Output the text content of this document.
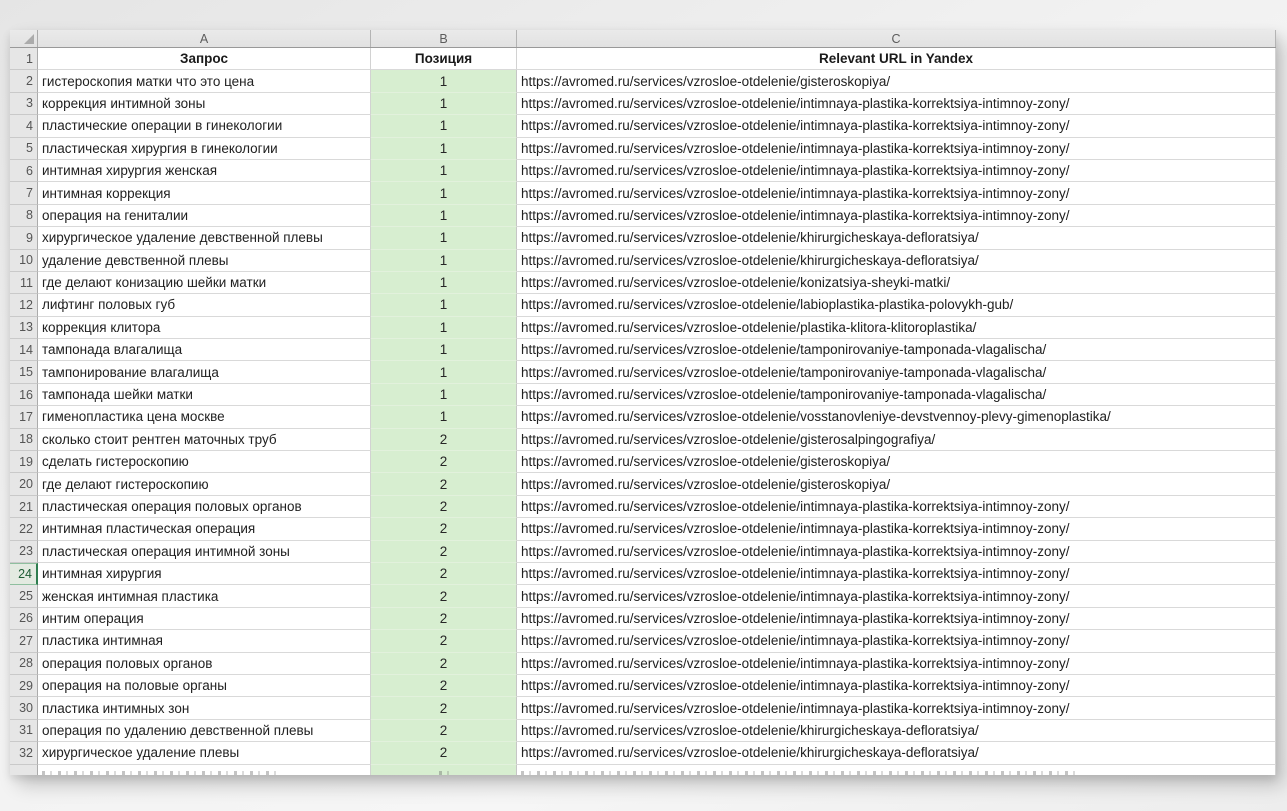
A	B	C
1	Запрос	Позиция	Relevant URL in Yandex
2 гистероскопия матки что это цена	1	https://avromed.ru/services/vzrosloe-otdelenie/gisteroskopiya/
3 коррекция интимной зоны	1	https://avromed.ru/services/vzrosloe-otdelenie/intimnaya-plastika-korrektsiya-intimnoy-zony/
4 пластические операции в гинекологии	1	https://avromed.ru/services/vzrosloe-otdelenie/intimnaya-plastika-korrektsiya-intimnoy-zony/
5 пластическая хирургия в гинекологии	1	https://avromed.ru/services/vzrosloe-otdelenie/intimnaya-plastika-korrektsiya-intimnoy-zony/
6 интимная хирургия женская	1	https://avromed.ru/services/vzrosloe-otdelenie/intimnaya-plastika-korrektsiya-intimnoy-zony/
7 интимная коррекция	1	https://avromed.ru/services/vzrosloe-otdelenie/intimnaya-plastika-korrektsiya-intimnoy-zony/
8 операция на гениталии	1	https://avromed.ru/services/vzrosloe-otdelenie/intimnaya-plastika-korrektsiya-intimnoy-zony/
9 хирургическое удаление девственной плевы	1	https://avromed.ru/services/vzrosloe-otdelenie/khirurgicheskaya-defloratsiya/
10 удаление девственной плевы	1	https://avromed.ru/services/vzrosloe-otdelenie/khirurgicheskaya-defloratsiya/
11 где делают конизацию шейки матки	1	https://avromed.ru/services/vzrosloe-otdelenie/konizatsiya-sheyki-matki/
12 лифтинг половых губ	1	https://avromed.ru/services/vzrosloe-otdelenie/labioplastika-plastika-polovykh-gub/
13 коррекция клитора	1	https://avromed.ru/services/vzrosloe-otdelenie/plastika-klitora-klitoroplastika/
14 тампонада влагалища	1	https://avromed.ru/services/vzrosloe-otdelenie/tamponirovaniye-tamponada-vlagalischa/
15 тампонирование влагалища	1	https://avromed.ru/services/vzrosloe-otdelenie/tamponirovaniye-tamponada-vlagalischa/
16 тампонада шейки матки	1	https://avromed.ru/services/vzrosloe-otdelenie/tamponirovaniye-tamponada-vlagalischa/
17 гименопластика цена москве	1	https://avromed.ru/services/vzrosloe-otdelenie/vosstanovleniye-devstvennoy-plevy-gimenoplastika/
18 сколько стоит рентген маточных труб	2	https://avromed.ru/services/vzrosloe-otdelenie/gisterosalpingografiya/
19 сделать гистероскопию	2	https://avromed.ru/services/vzrosloe-otdelenie/gisteroskopiya/
20 где делают гистероскопию	2	https://avromed.ru/services/vzrosloe-otdelenie/gisteroskopiya/
21 пластическая операция половых органов	2	https://avromed.ru/services/vzrosloe-otdelenie/intimnaya-plastika-korrektsiya-intimnoy-zony/
22 интимная пластическая операция	2	https://avromed.ru/services/vzrosloe-otdelenie/intimnaya-plastika-korrektsiya-intimnoy-zony/
23 пластическая операция интимной зоны	2	https://avromed.ru/services/vzrosloe-otdelenie/intimnaya-plastika-korrektsiya-intimnoy-zony/
24 интимная хирургия	2	https://avromed.ru/services/vzrosloe-otdelenie/intimnaya-plastika-korrektsiya-intimnoy-zony/
25 женская интимная пластика	2	https://avromed.ru/services/vzrosloe-otdelenie/intimnaya-plastika-korrektsiya-intimnoy-zony/
26 интим операция	2	https://avromed.ru/services/vzrosloe-otdelenie/intimnaya-plastika-korrektsiya-intimnoy-zony/
27 пластика интимная	2	https://avromed.ru/services/vzrosloe-otdelenie/intimnaya-plastika-korrektsiya-intimnoy-zony/
28 операция половых органов	2	https://avromed.ru/services/vzrosloe-otdelenie/intimnaya-plastika-korrektsiya-intimnoy-zony/
29 операция на половые органы	2	https://avromed.ru/services/vzrosloe-otdelenie/intimnaya-plastika-korrektsiya-intimnoy-zony/
30 пластика интимных зон	2	https://avromed.ru/services/vzrosloe-otdelenie/intimnaya-plastika-korrektsiya-intimnoy-zony/
31 операция по удалению девственной плевы	2	https://avromed.ru/services/vzrosloe-otdelenie/khirurgicheskaya-defloratsiya/
32 хирургическое удаление плевы	2	https://avromed.ru/services/vzrosloe-otdelenie/khirurgicheskaya-defloratsiya/
